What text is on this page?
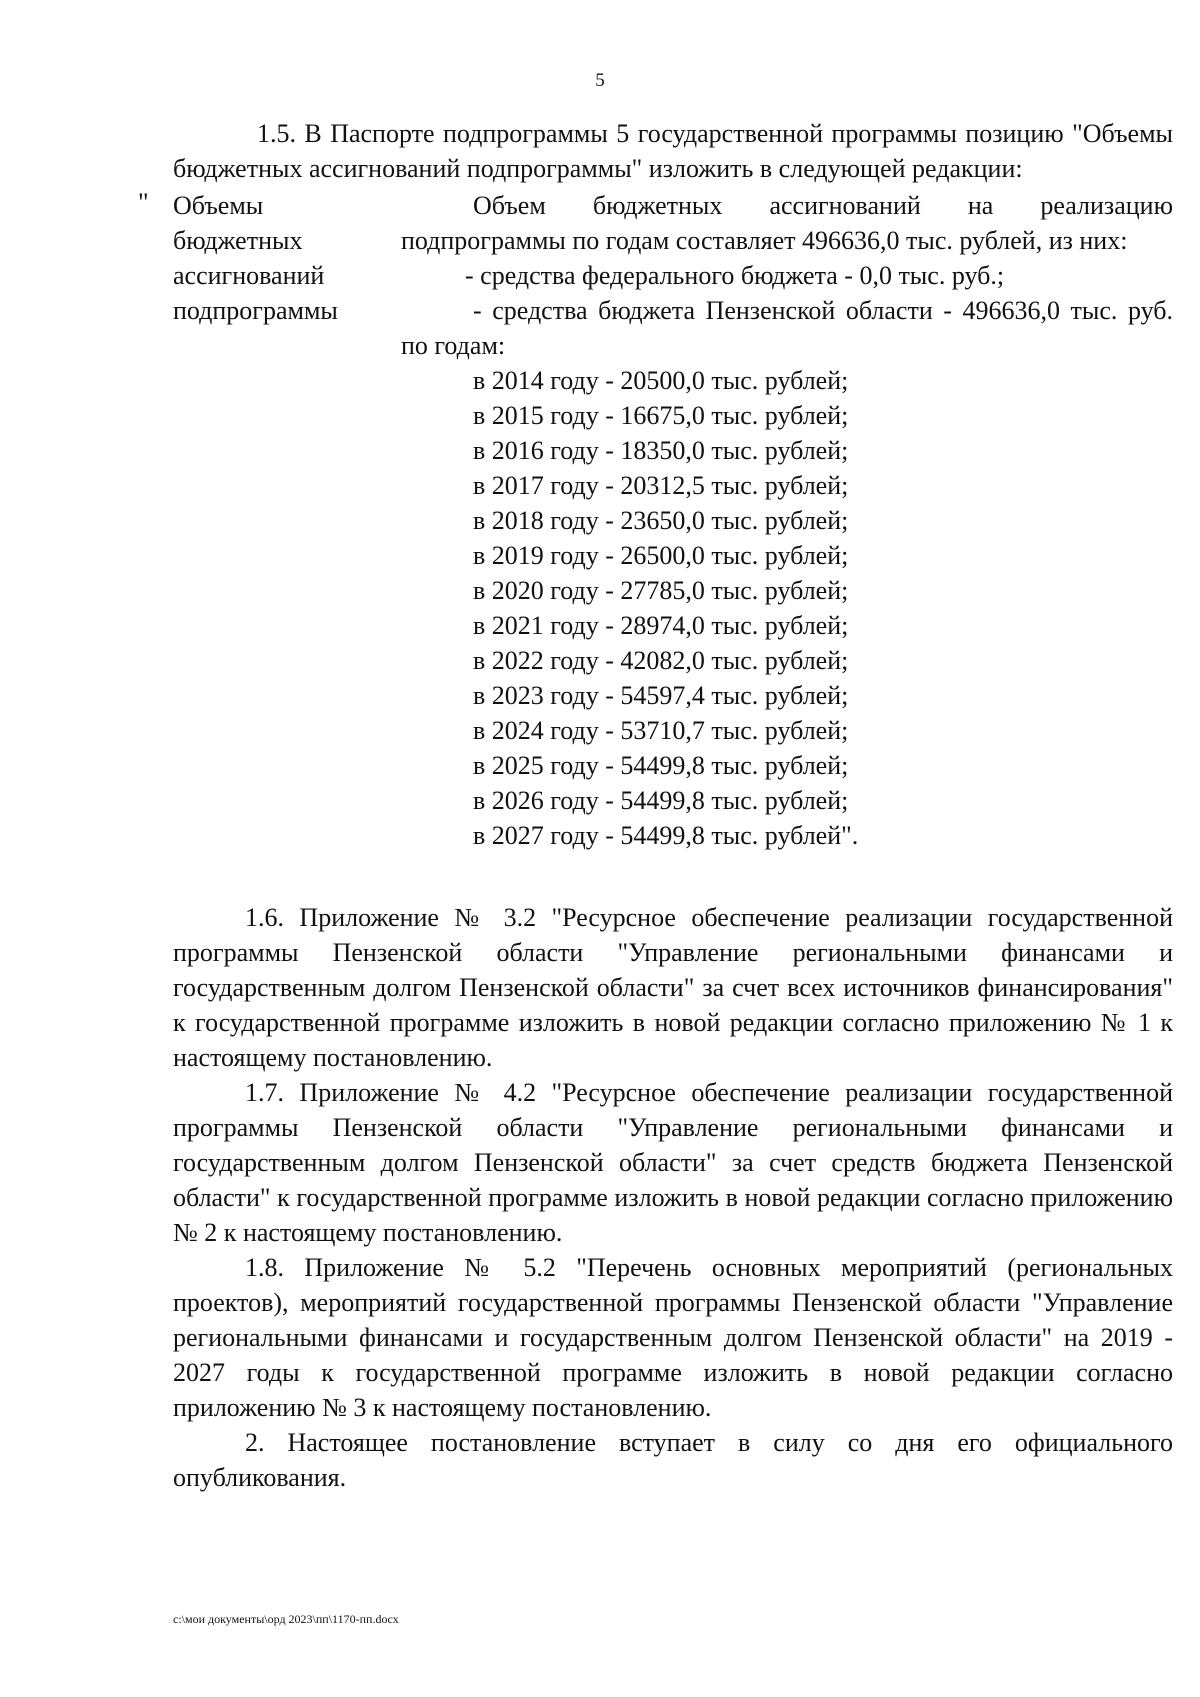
5

1.5. В Паспорте подпрограммы 5 государственной программы позицию "Объемы бюджетных ассигнований подпрограммы" изложить в следующей редакции:

" Объемы
бюджетных
ассигнований
подпрограммы

Объем бюджетных ассигнований на реализацию подпрограммы по годам составляет 496636,0 тыс. рублей, из них:

- средства федерального бюджета - 0,0 тыс. руб.;

- средства бюджета Пензенской области - 496636,0 тыс. руб. по годам:

в 2014 году - 20500,0 тыс. рублей;
в 2015 году - 16675,0 тыс. рублей;
в 2016 году - 18350,0 тыс. рублей;
в 2017 году - 20312,5 тыс. рублей;
в 2018 году - 23650,0 тыс. рублей;
в 2019 году - 26500,0 тыс. рублей;
в 2020 году - 27785,0 тыс. рублей;
в 2021 году - 28974,0 тыс. рублей;
в 2022 году - 42082,0 тыс. рублей;
в 2023 году - 54597,4 тыс. рублей;
в 2024 году - 53710,7 тыс. рублей;
в 2025 году - 54499,8 тыс. рублей;
в 2026 году - 54499,8 тыс. рублей;
в 2027 году - 54499,8 тыс. рублей".

1.6. Приложение № 3.2 "Ресурсное обеспечение реализации государственной программы Пензенской области "Управление региональными финансами и государственным долгом Пензенской области" за счет всех источников финансирования" к государственной программе изложить в новой редакции согласно приложению № 1 к настоящему постановлению.

1.7. Приложение № 4.2 "Ресурсное обеспечение реализации государственной программы Пензенской области "Управление региональными финансами и государственным долгом Пензенской области" за счет средств бюджета Пензенской области" к государственной программе изложить в новой редакции согласно приложению № 2 к настоящему постановлению.

1.8. Приложение № 5.2 "Перечень основных мероприятий (региональных проектов), мероприятий государственной программы Пензенской области "Управление региональными финансами и государственным долгом Пензенской области" на 2019 - 2027 годы к государственной программе изложить в новой редакции согласно приложению № 3 к настоящему постановлению.

2. Настоящее постановление вступает в силу со дня его официального опубликования.

c:\мои документы\орд 2023\пп\1170-пп.docx
